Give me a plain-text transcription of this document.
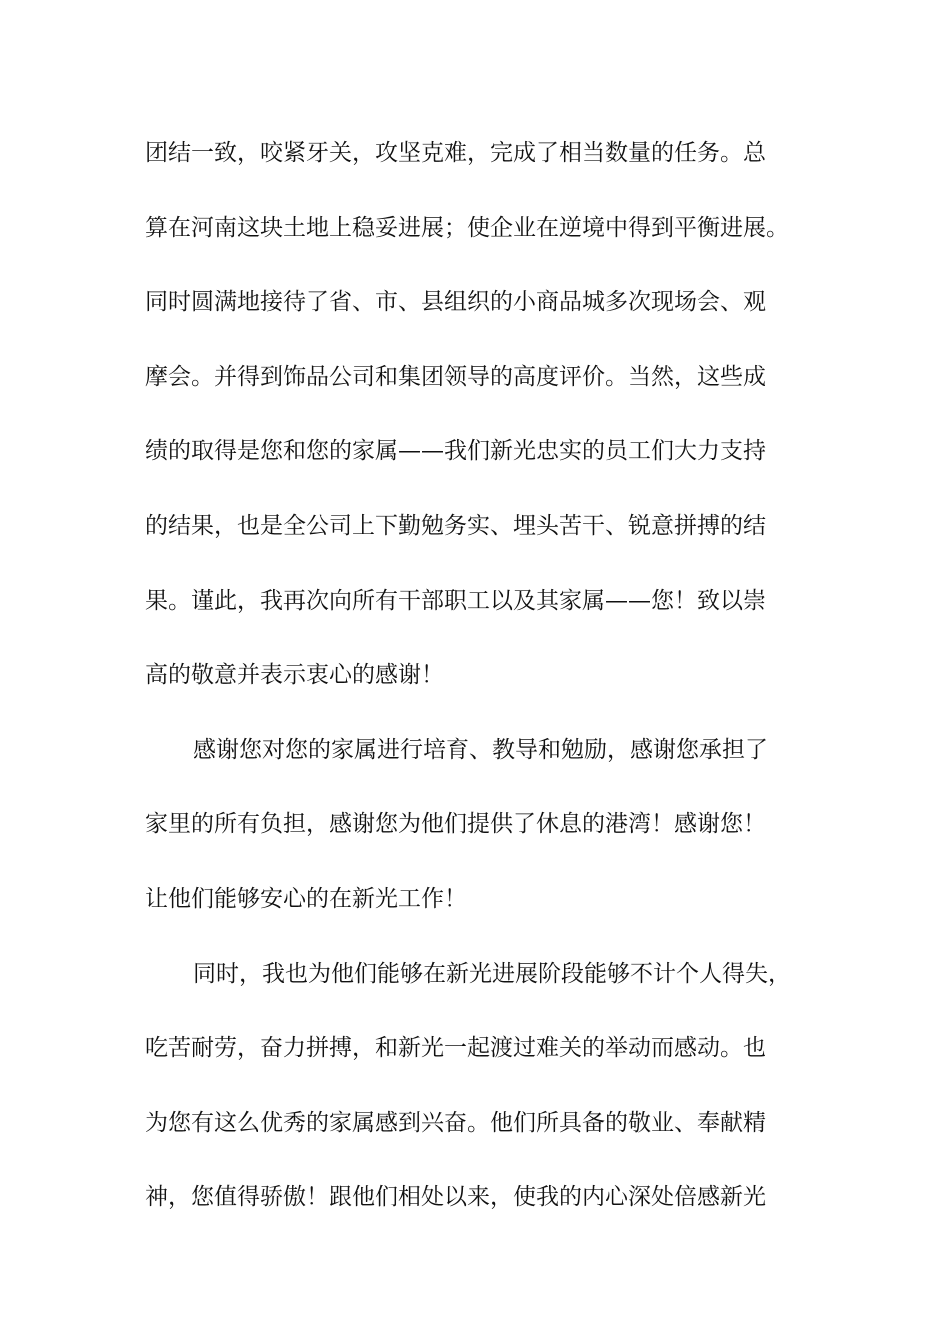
团结一致，咬紧牙关，攻坚克难，完成了相当数量的任务。总
算在河南这块土地上稳妥进展；使企业在逆境中得到平衡进展。
同时圆满地接待了省、市、县组织的小商品城多次现场会、观
摩会。并得到饰品公司和集团领导的高度评价。当然，这些成
绩的取得是您和您的家属——我们新光忠实的员工们大力支持
的结果，也是全公司上下勤勉务实、埋头苦干、锐意拼搏的结
果。谨此，我再次向所有干部职工以及其家属——您！致以崇
高的敬意并表示衷心的感谢！
感谢您对您的家属进行培育、教导和勉励，感谢您承担了
家里的所有负担，感谢您为他们提供了休息的港湾！感谢您！
让他们能够安心的在新光工作！
同时，我也为他们能够在新光进展阶段能够不计个人得失，
吃苦耐劳，奋力拼搏，和新光一起渡过难关的举动而感动。也
为您有这么优秀的家属感到兴奋。他们所具备的敬业、奉献精
神，您值得骄傲！跟他们相处以来，使我的内心深处倍感新光
